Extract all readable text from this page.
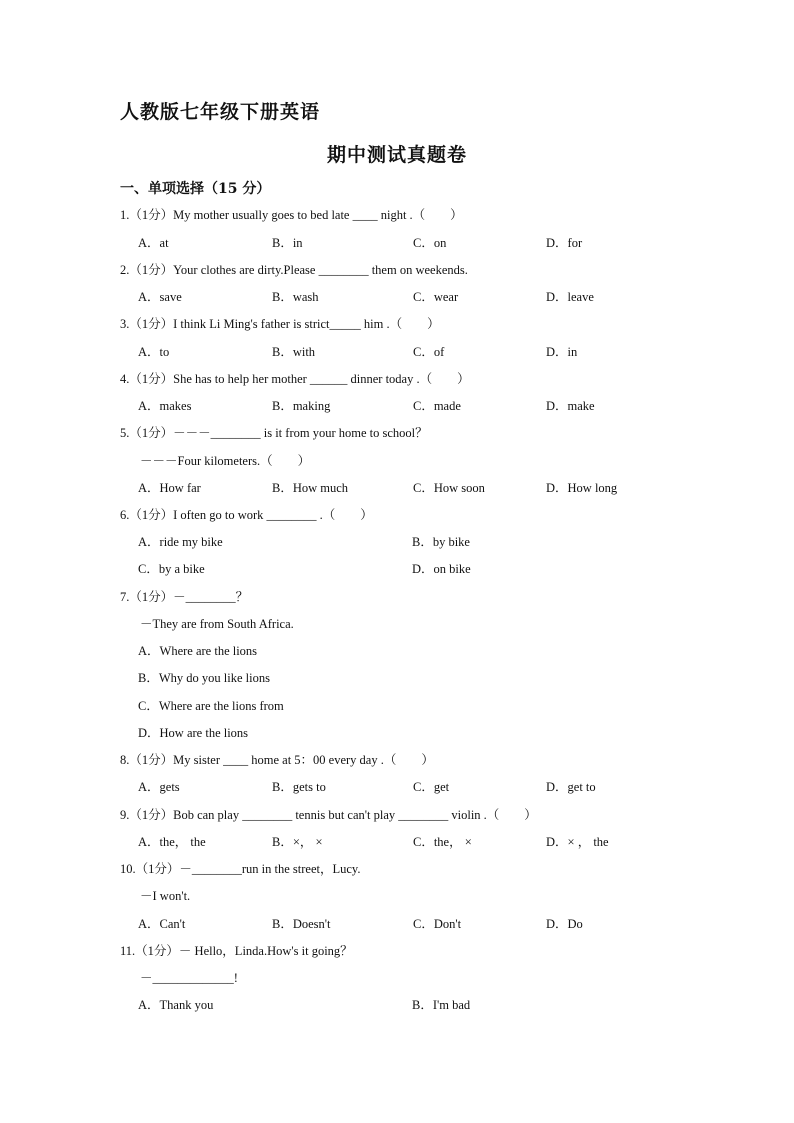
人教版七年级下册英语
期中测试真题卷
一、单项选择（15 分）
1.（1分）My mother usually goes to bed late ____ night .（　　）
A．at	B．in	C．on	D．for
2.（1分）Your clothes are dirty.Please ________ them on weekends.
A．save	B．wash	C．wear	D．leave
3.（1分）I think Li Ming's father is strict_____ him .（　　）
A．to	B．with	C．of	D．in
4.（1分）She has to help her mother ______ dinner today .（　　）
A．makes	B．making	C．made	D．make
5.（1分）－－－________ is it from your home to school？
－－－Four kilometers.（　　）
A．How far	B．How much	C．How soon	D．How long
6.（1分）I often go to work ________ .（　　）
A．ride my bike	B．by bike
C．by a bike	D．on bike
7.（1分）－________？
－They are from South Africa.
A．Where are the lions
B．Why do you like lions
C．Where are the lions from
D．How are the lions
8.（1分）My sister ____ home at 5：00 every day .（　　）
A．gets	B．gets to	C．get	D．get to
9.（1分）Bob can play ________ tennis but can't play ________ violin .（　　）
A．the， the	B．×， ×	C．the， ×	D．× ， the
10.（1分）－________run in the street，Lucy.
－I won't.
A．Can't	B．Doesn't	C．Don't	D．Do
11.（1分）－ Hello，Linda.How's it going？
－_____________!
A．Thank you	B．I'm bad
